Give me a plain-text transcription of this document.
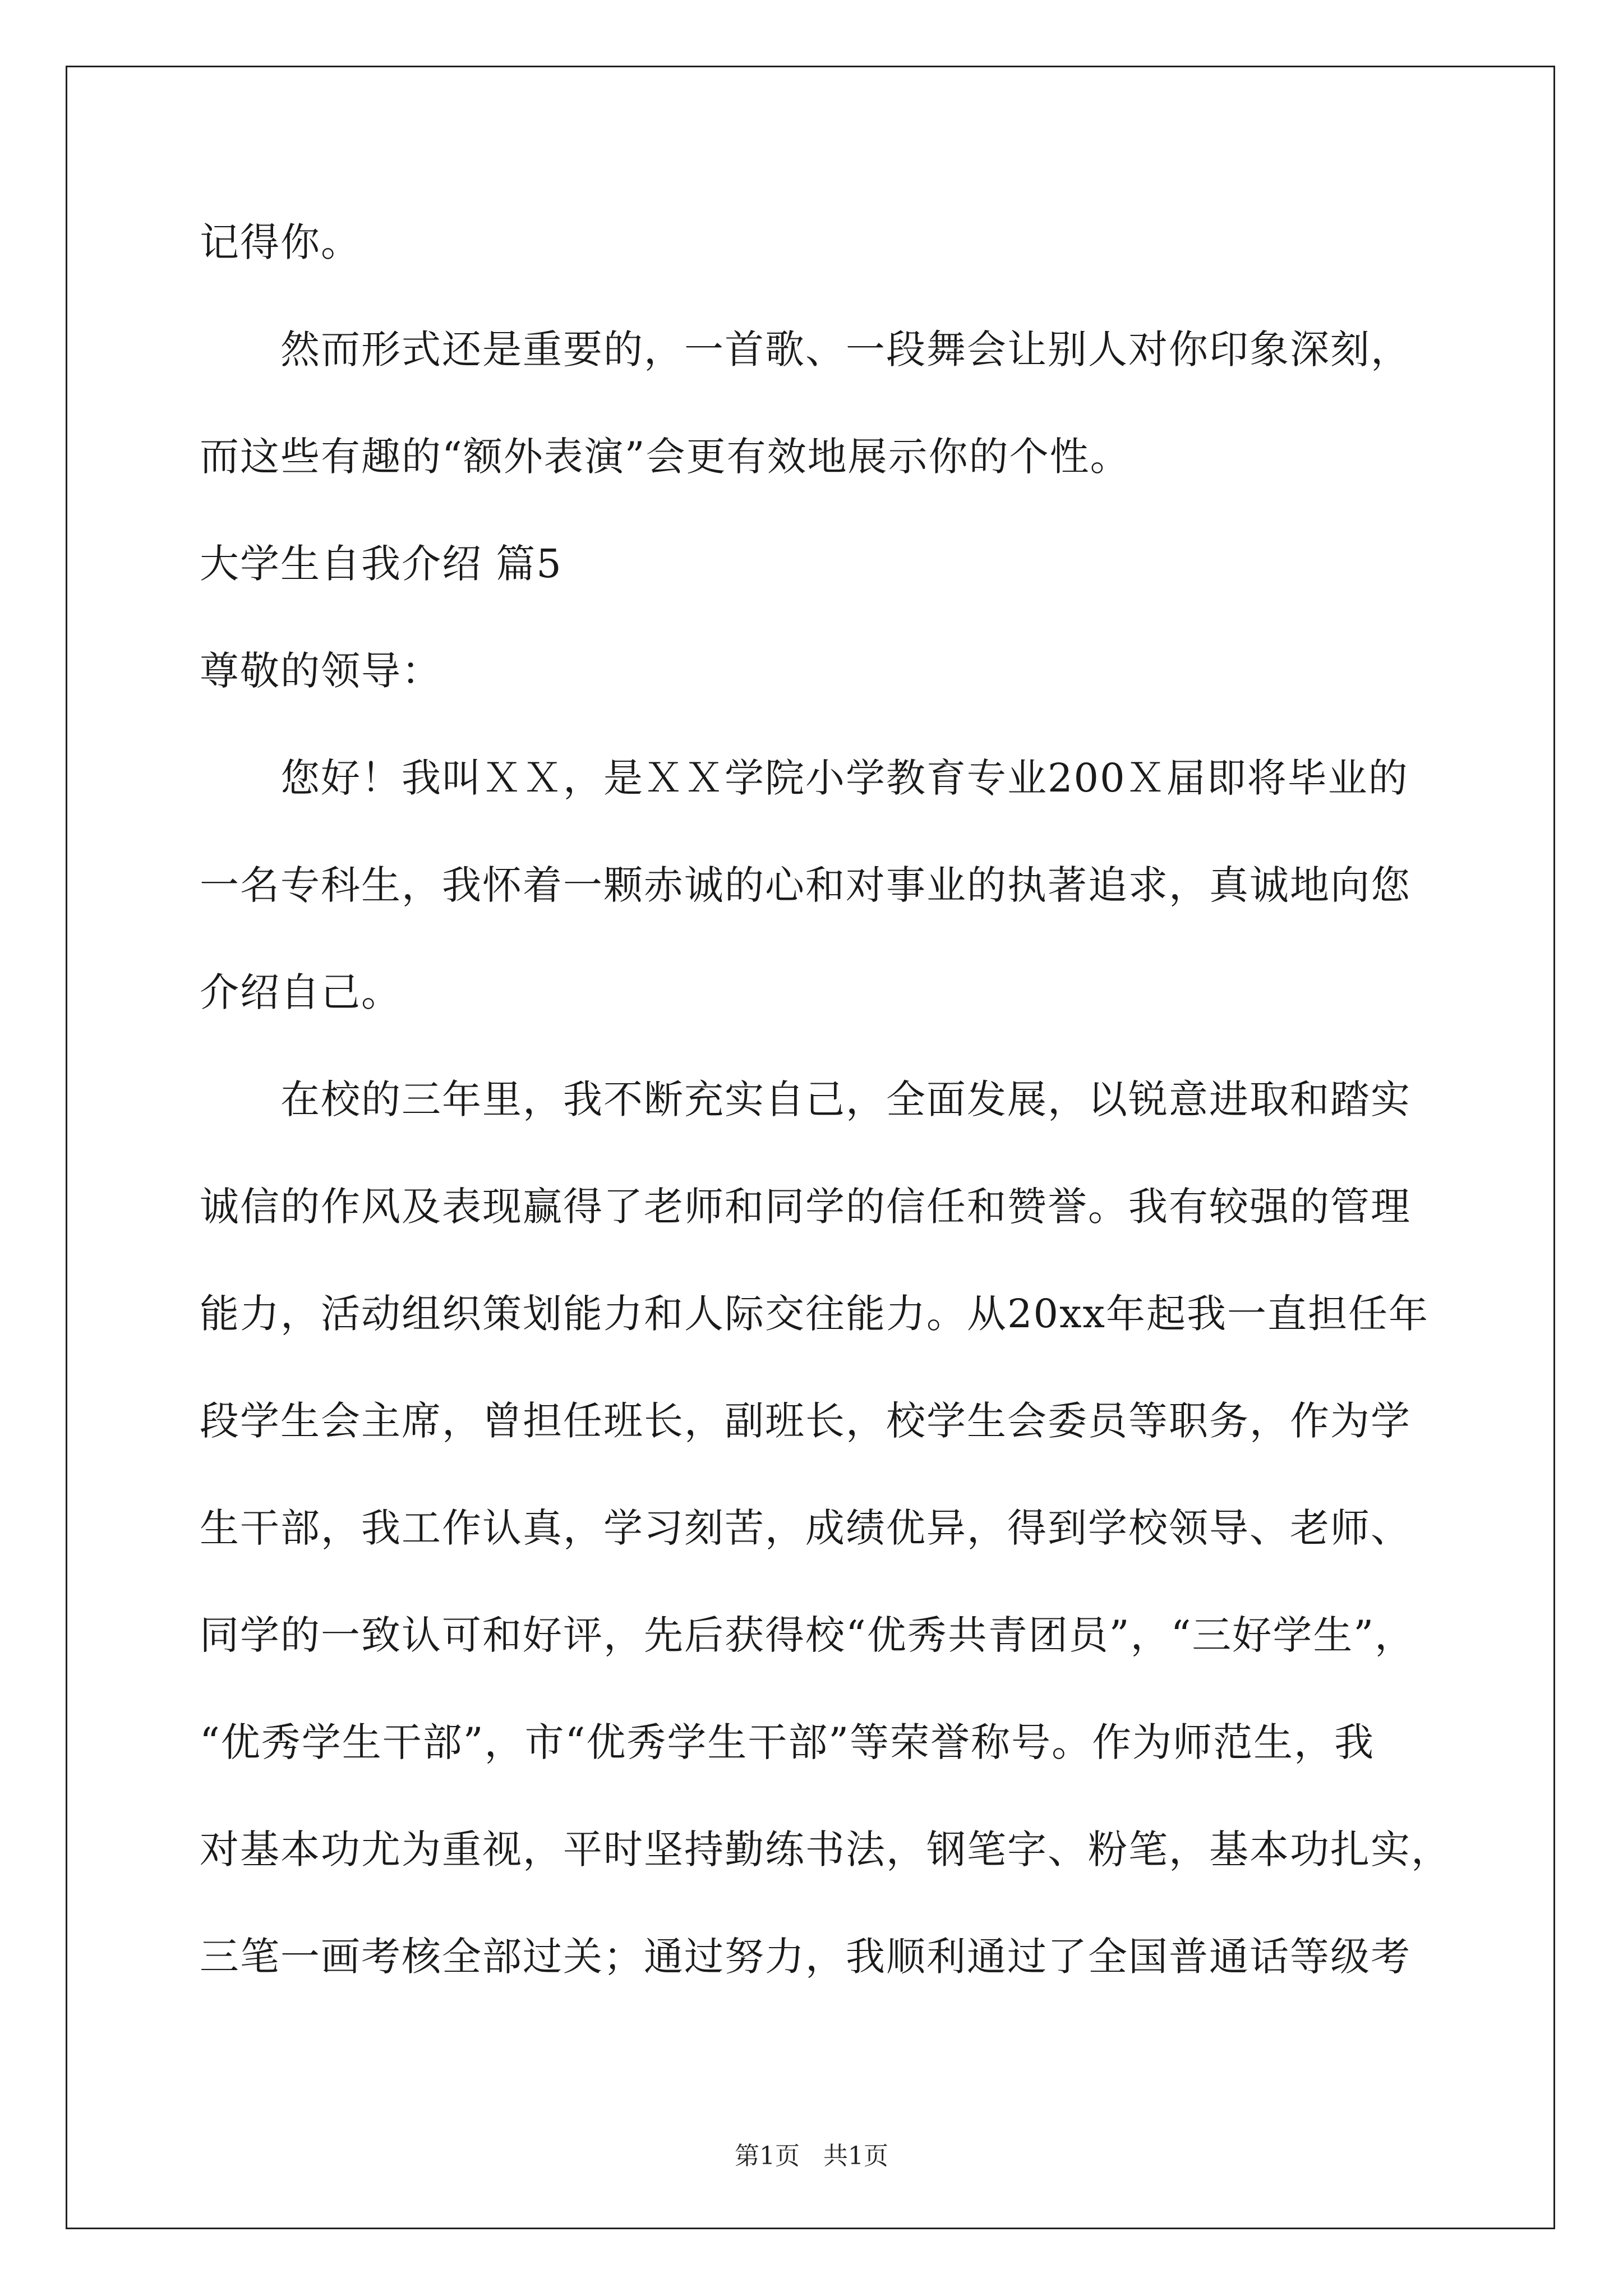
记得你。
　　然而形式还是重要的，一首歌、一段舞会让别人对你印象深刻，
而这些有趣的“额外表演”会更有效地展示你的个性。
大学生自我介绍 篇5
尊敬的领导：
　　您好！我叫ＸＸ，是ＸＸ学院小学教育专业200Ｘ届即将毕业的
一名专科生，我怀着一颗赤诚的心和对事业的执著追求，真诚地向您
介绍自己。
　　在校的三年里，我不断充实自己，全面发展，以锐意进取和踏实
诚信的作风及表现赢得了老师和同学的信任和赞誉。我有较强的管理
能力，活动组织策划能力和人际交往能力。从20xx年起我一直担任年
段学生会主席，曾担任班长，副班长，校学生会委员等职务，作为学
生干部，我工作认真，学习刻苦，成绩优异，得到学校领导、老师、
同学的一致认可和好评，先后获得校“优秀共青团员”，“三好学生”，
“优秀学生干部”，市“优秀学生干部”等荣誉称号。作为师范生，我
对基本功尤为重视，平时坚持勤练书法，钢笔字、粉笔，基本功扎实，
三笔一画考核全部过关；通过努力，我顺利通过了全国普通话等级考
第1页 共1页
